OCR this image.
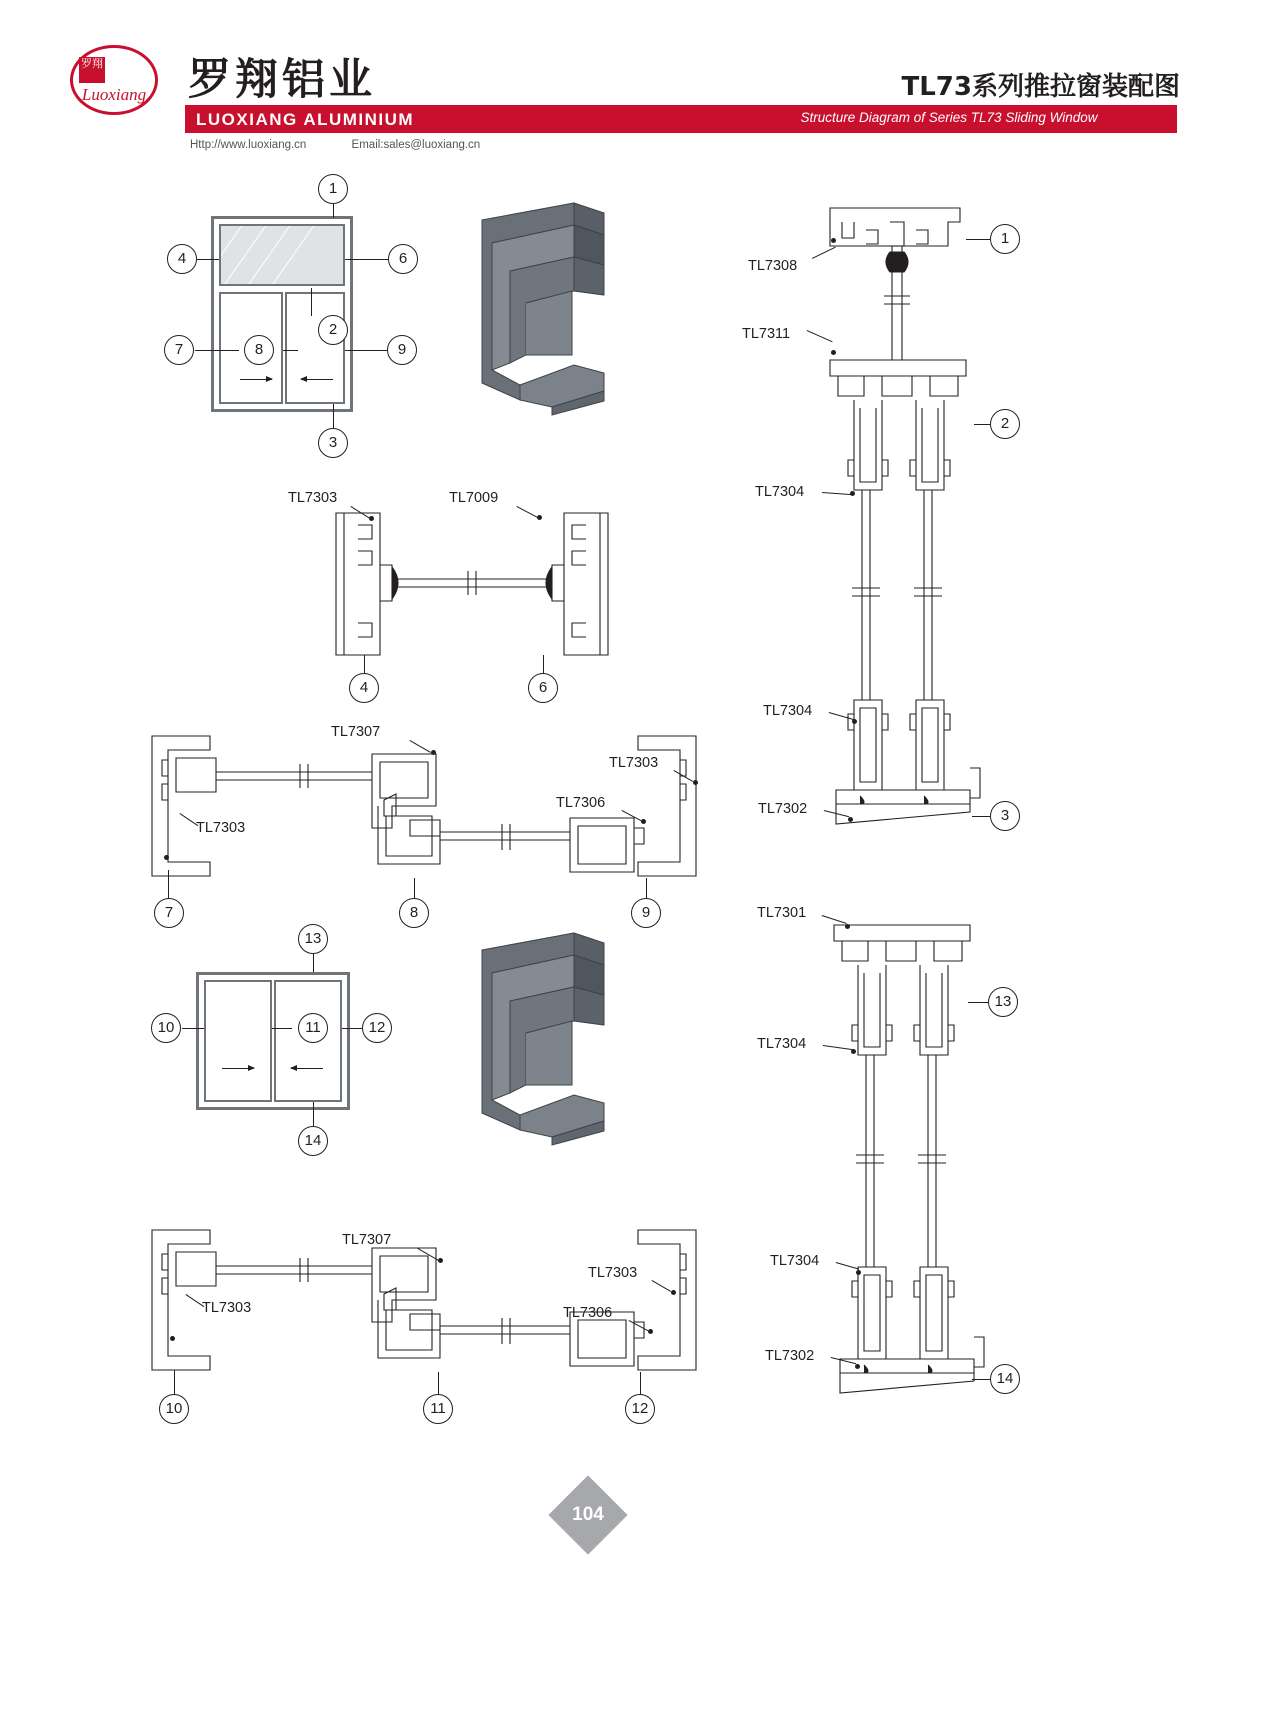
罗翔
Luoxiang 罗翔铝业
LUOXIANG ALUMINIUM
Http://www.luoxiang.cn	Email:sales@luoxiang.cn
TL73系列推拉窗装配图
Structure Diagram of Series TL73 Sliding Window
1
4	6
2
7	8	9
3
TL7303	TL7009
4	6
TL7307
TL7303
TL7306
TL7303
7	8	9
13
10	11	12
14
TL7307
TL7303
TL7306
TL7303
10	11	12
TL7308
TL7311
TL7304
TL7304
TL7302
1
2
3
TL7301
TL7304
TL7304
TL7302
13
14
104
